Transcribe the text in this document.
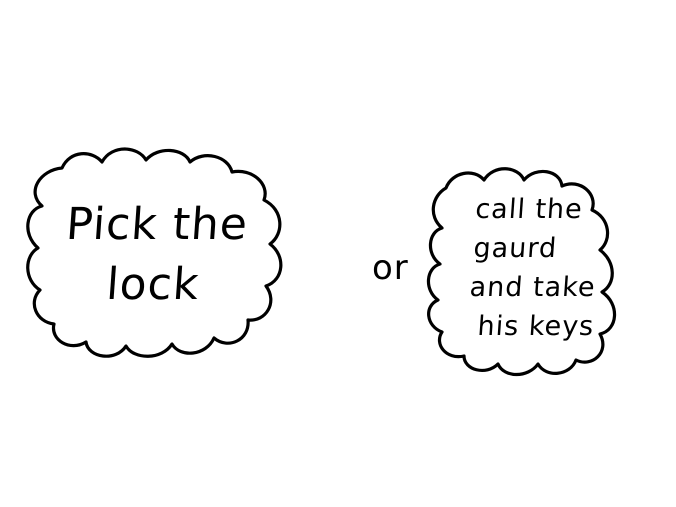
Pick the
lock	or
call the
gaurd
and take
his keys
